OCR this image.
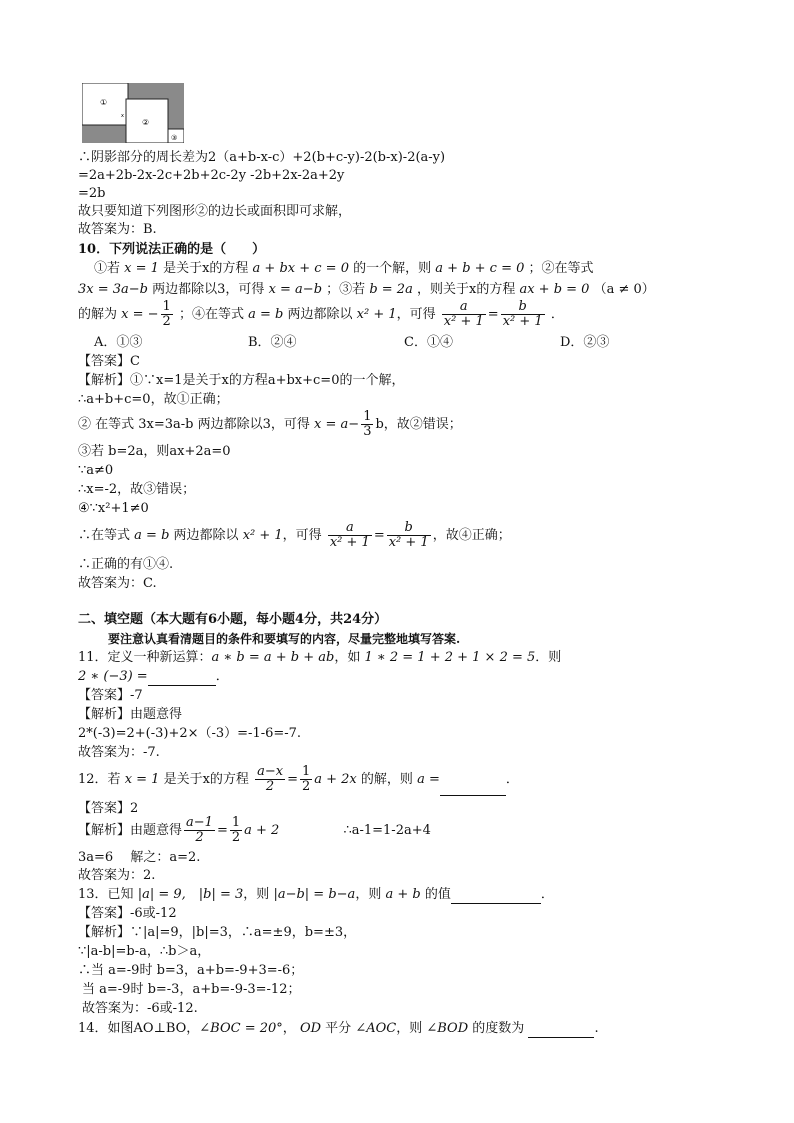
①
②
③
x
∴阴影部分的周长差为2（a+b-x-c）+2(b+c-y)-2(b-x)-2(a-y)
=2a+2b-2x-2c+2b+2c-2y -2b+2x-2a+2y
=2b
故只要知道下列图形②的边长或面积即可求解，
故答案为：B.
10．下列说法正确的是（　　）
①若 x = 1 是关于x的方程 a + bx + c = 0 的一个解，则 a + b + c = 0 ；②在等式
3x = 3a−b 两边都除以3，可得 x = a−b ；③若 b = 2a ，则关于x的方程 ax + b = 0 （a ≠ 0）
的解为 x = − $\frac{1}{2}$ ；④在等式 a = b 两边都除以 x² + 1，可得 $\frac{a}{\text{x² + 1}} = \frac{b}{\text{x² + 1}}$ ．
A．①③	B．②④	C．①④	D．②③
【答案】C
【解析】①∵x=1是关于x的方程a+bx+c=0的一个解，
∴a+b+c=0，故①正确；
② 在等式 3x=3a-b 两边都除以3，可得 $x = a- \frac{1}{3}$ b，故②错误；
③若 b=2a，则ax+2a=0
∵a≠0
∴x=-2，故③错误；
④∵x²+1≠0
∴在等式 a = b 两边都除以 x² + 1，可得 $\frac{a}{\text{x² + 1}} = \frac{b}{\text{x² + 1}}$ ，故④正确；
∴正确的有①④.
故答案为：C.
二、填空题（本大题有6小题，每小题4分，共24分）
要注意认真看清题目的条件和要填写的内容，尽量完整地填写答案.
11．定义一种新运算：a ∗ b = a + b + ab，如 1 ∗ 2 = 1 + 2 + 1 × 2 = 5．则
2 ∗ (−3) =	．
【答案】-7
【解析】由题意得
2*(-3)=2+(-3)+2×（-3）=-1-6=-7.
故答案为：-7.
12．若 x = 1 是关于x的方程 $\frac{a-x}{2} = \frac{1}{2}$ a + 2x 的解，则 a =	．
【答案】2
【解析】由题意得 $\frac{a-1}{2} = \frac{1}{2}$ a + 2	∴a-1=1-2a+4
3a=6　 解之：a=2.
故答案为：2.
13．已知 |a| = 9,　 |b| = 3，则 |a−b| = b−a，则 a + b 的值	．
【答案】-6或-12
【解析】∵|a|=9，|b|=3，∴a=±9，b=±3，
∵|a-b|=b-a，∴b＞a，
∴当 a=-9时 b=3，a+b=-9+3=-6；
当 a=-9时 b=-3，a+b=-9-3=-12；
故答案为：-6或-12.
14．如图AO⊥BO，∠BOC = 20°， OD 平分 ∠AOC，则 ∠BOD 的度数为	.
